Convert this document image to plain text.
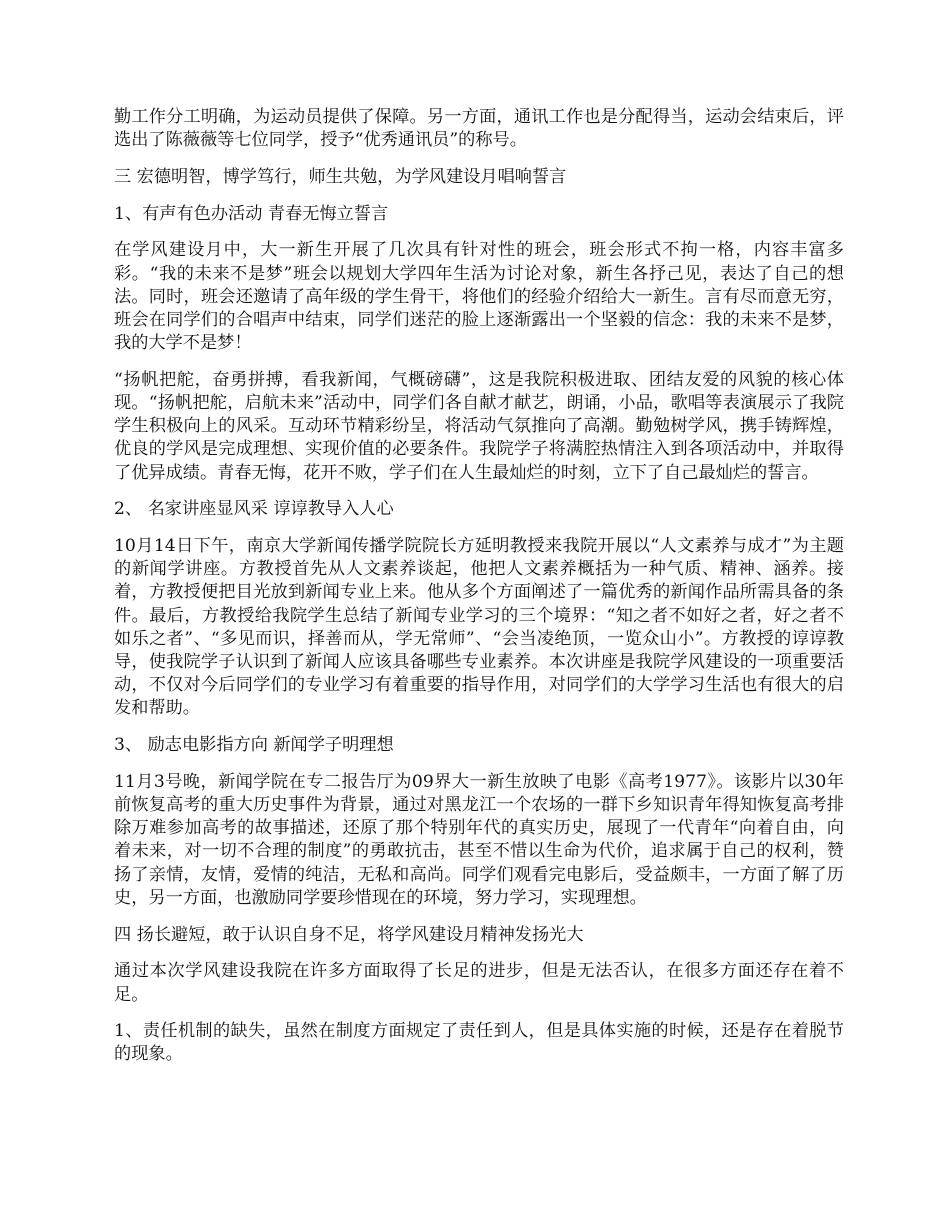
勤工作分工明确，为运动员提供了保障。另一方面，通讯工作也是分配得当，运动会结束后，评选出了陈薇薇等七位同学，授予“优秀通讯员”的称号。

三 宏德明智，博学笃行，师生共勉，为学风建设月唱响誓言

1、有声有色办活动 青春无悔立誓言

在学风建设月中，大一新生开展了几次具有针对性的班会，班会形式不拘一格，内容丰富多彩。“我的未来不是梦”班会以规划大学四年生活为讨论对象，新生各抒己见，表达了自己的想法。同时，班会还邀请了高年级的学生骨干，将他们的经验介绍给大一新生。言有尽而意无穷，班会在同学们的合唱声中结束，同学们迷茫的脸上逐渐露出一个坚毅的信念：我的未来不是梦，我的大学不是梦！

“扬帆把舵，奋勇拼搏，看我新闻，气概磅礴”，这是我院积极进取、团结友爱的风貌的核心体现。“扬帆把舵，启航未来”活动中，同学们各自献才献艺，朗诵，小品，歌唱等表演展示了我院学生积极向上的风采。互动环节精彩纷呈，将活动气氛推向了高潮。勤勉树学风，携手铸辉煌，优良的学风是完成理想、实现价值的必要条件。我院学子将满腔热情注入到各项活动中，并取得了优异成绩。青春无悔，花开不败，学子们在人生最灿烂的时刻，立下了自己最灿烂的誓言。

2、 名家讲座显风采 谆谆教导入人心

10月14日下午，南京大学新闻传播学院院长方延明教授来我院开展以“人文素养与成才”为主题的新闻学讲座。方教授首先从人文素养谈起，他把人文素养概括为一种气质、精神、涵养。接着，方教授便把目光放到新闻专业上来。他从多个方面阐述了一篇优秀的新闻作品所需具备的条件。最后，方教授给我院学生总结了新闻专业学习的三个境界：“知之者不如好之者，好之者不如乐之者”、“多见而识，择善而从，学无常师”、“会当凌绝顶，一览众山小”。方教授的谆谆教导，使我院学子认识到了新闻人应该具备哪些专业素养。本次讲座是我院学风建设的一项重要活动，不仅对今后同学们的专业学习有着重要的指导作用，对同学们的大学学习生活也有很大的启发和帮助。

3、 励志电影指方向 新闻学子明理想

11月3号晚，新闻学院在专二报告厅为09界大一新生放映了电影《高考1977》。该影片以30年前恢复高考的重大历史事件为背景，通过对黑龙江一个农场的一群下乡知识青年得知恢复高考排除万难参加高考的故事描述，还原了那个特别年代的真实历史，展现了一代青年“向着自由，向着未来，对一切不合理的制度”的勇敢抗击，甚至不惜以生命为代价，追求属于自己的权利，赞扬了亲情，友情，爱情的纯洁，无私和高尚。同学们观看完电影后，受益颇丰，一方面了解了历史，另一方面，也激励同学要珍惜现在的环境，努力学习，实现理想。

四 扬长避短，敢于认识自身不足，将学风建设月精神发扬光大

通过本次学风建设我院在许多方面取得了长足的进步，但是无法否认，在很多方面还存在着不足。

1、责任机制的缺失，虽然在制度方面规定了责任到人，但是具体实施的时候，还是存在着脱节的现象。
